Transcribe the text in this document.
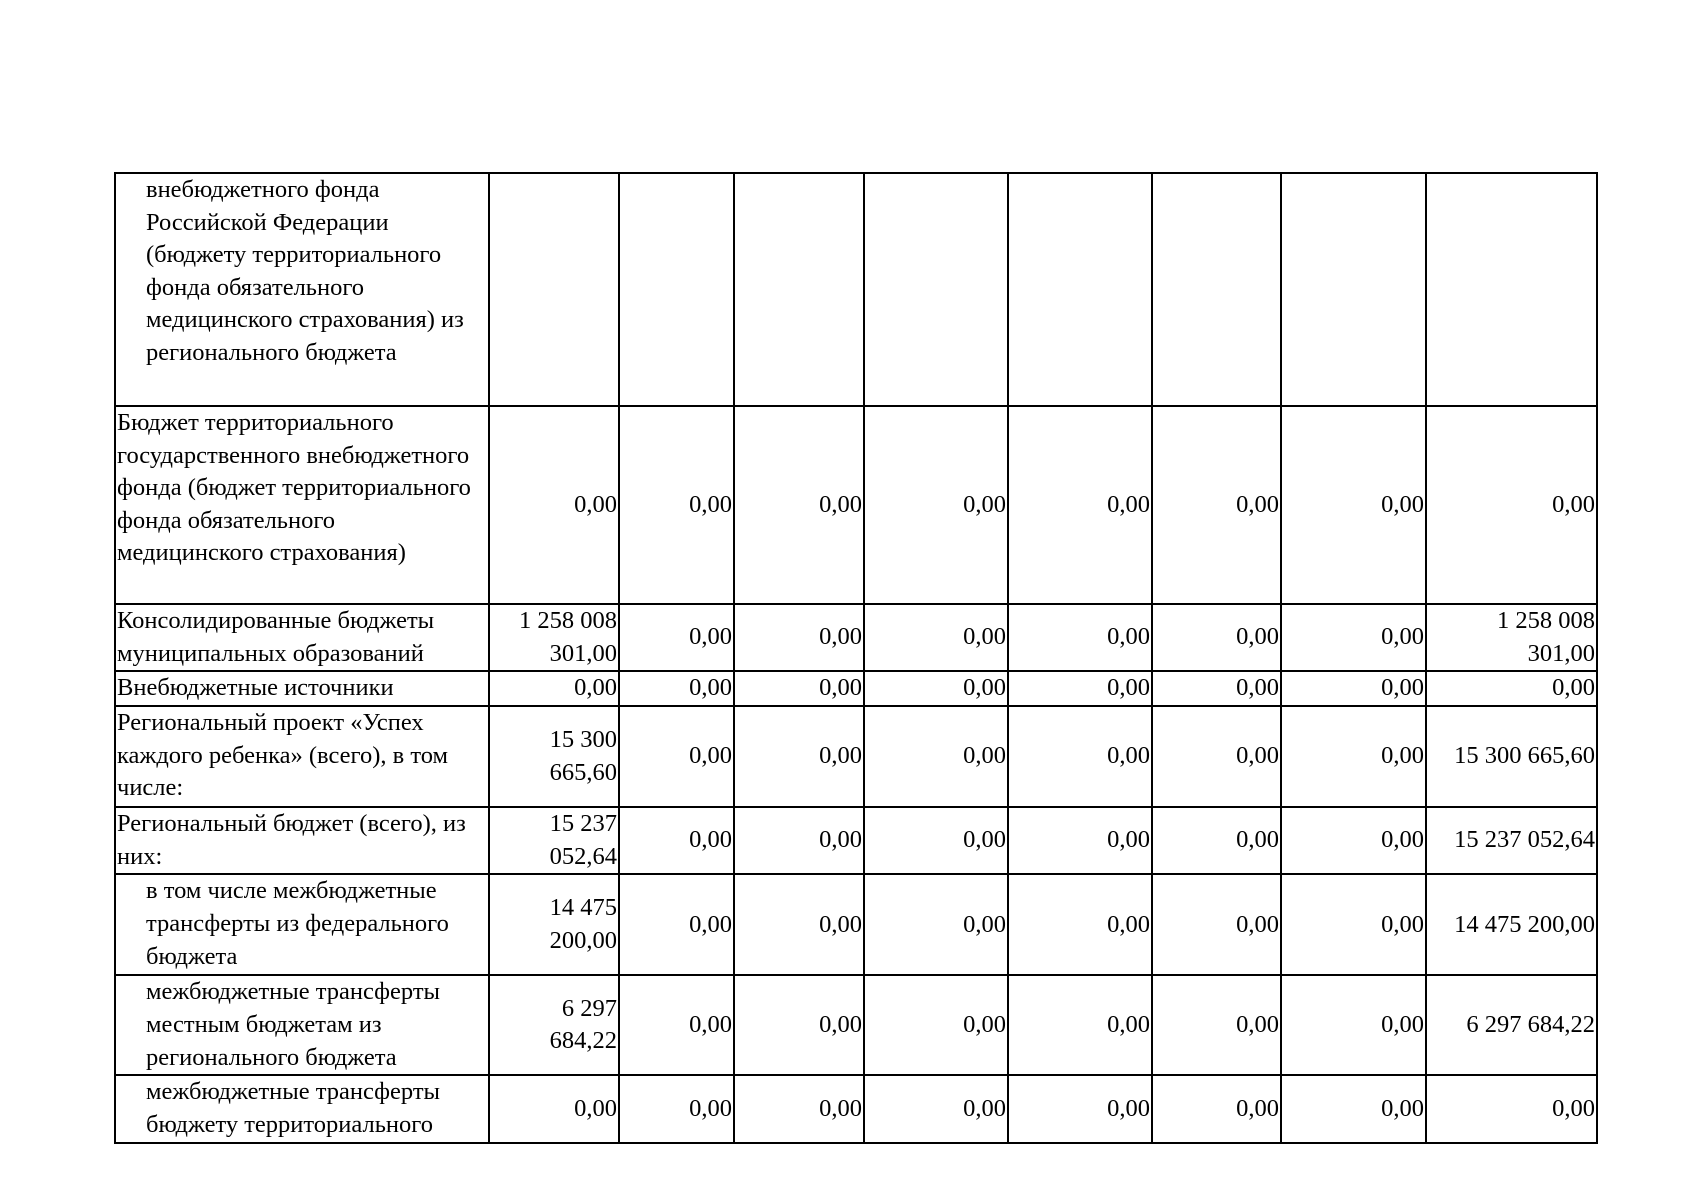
внебюджетного фонда Российской Федерации (бюджету территориального фонда обязательного медицинского страхования) из регионального бюджета								
Бюджет территориального государственного внебюджетного фонда (бюджет территориального фонда обязательного медицинского страхования)	0,00	0,00	0,00	0,00	0,00	0,00	0,00	0,00
Консолидированные бюджеты муниципальных образований	1 258 008 301,00	0,00	0,00	0,00	0,00	0,00	0,00	1 258 008 301,00
Внебюджетные источники	0,00	0,00	0,00	0,00	0,00	0,00	0,00	0,00
Региональный проект «Успех каждого ребенка» (всего), в том числе:	15 300 665,60	0,00	0,00	0,00	0,00	0,00	0,00	15 300 665,60
Региональный бюджет (всего), из них:	15 237 052,64	0,00	0,00	0,00	0,00	0,00	0,00	15 237 052,64
в том числе межбюджетные трансферты из федерального бюджета	14 475 200,00	0,00	0,00	0,00	0,00	0,00	0,00	14 475 200,00
межбюджетные трансферты местным бюджетам из регионального бюджета	6 297 684,22	0,00	0,00	0,00	0,00	0,00	0,00	6 297 684,22
межбюджетные трансферты бюджету территориального	0,00	0,00	0,00	0,00	0,00	0,00	0,00	0,00
